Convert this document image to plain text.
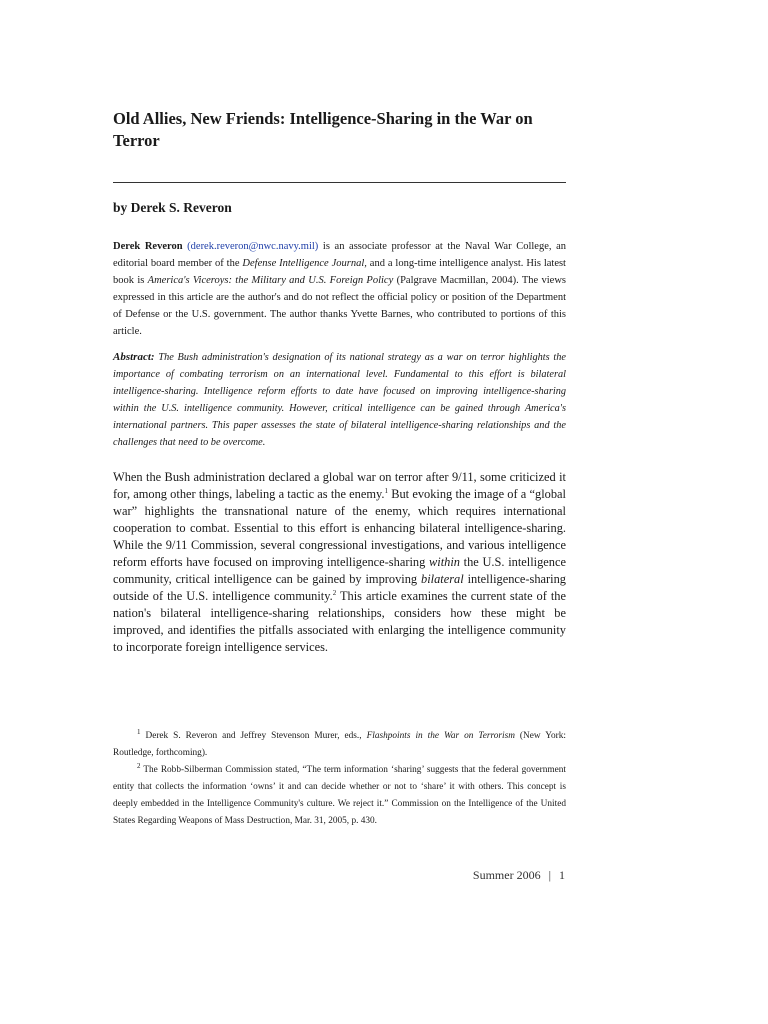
Old Allies, New Friends: Intelligence-Sharing in the War on Terror

by Derek S. Reveron

Derek Reveron (derek.reveron@nwc.navy.mil) is an associate professor at the Naval War College, an editorial board member of the Defense Intelligence Journal, and a long-time intelligence analyst. His latest book is America's Viceroys: the Military and U.S. Foreign Policy (Palgrave Macmillan, 2004). The views expressed in this article are the author's and do not reflect the official policy or position of the Department of Defense or the U.S. government. The author thanks Yvette Barnes, who contributed to portions of this article.

Abstract: The Bush administration's designation of its national strategy as a war on terror highlights the importance of combating terrorism on an international level. Fundamental to this effort is bilateral intelligence-sharing. Intelligence reform efforts to date have focused on improving intelligence-sharing within the U.S. intelligence community. However, critical intelligence can be gained through America's international partners. This paper assesses the state of bilateral intelligence-sharing relationships and the challenges that need to be overcome.

When the Bush administration declared a global war on terror after 9/11, some criticized it for, among other things, labeling a tactic as the enemy.$^1$ But evoking the image of a “global war” highlights the transnational nature of the enemy, which requires international cooperation to combat. Essential to this effort is enhancing bilateral intelligence-sharing. While the 9/11 Commission, several congressional investigations, and various intelligence reform efforts have focused on improving intelligence-sharing within the U.S. intelligence community, critical intelligence can be gained by improving bilateral intelligence-sharing outside of the U.S. intelligence community.$^2$ This article examines the current state of the nation's bilateral intelligence-sharing relationships, considers how these might be improved, and identifies the pitfalls associated with enlarging the intelligence community to incorporate foreign intelligence services.

$^1$ Derek S. Reveron and Jeffrey Stevenson Murer, eds., Flashpoints in the War on Terrorism (New York: Routledge, forthcoming).

$^2$ The Robb-Silberman Commission stated, “The term information ‘sharing’ suggests that the federal government entity that collects the information ‘owns’ it and can decide whether or not to ‘share’ it with others. This concept is deeply embedded in the Intelligence Community's culture. We reject it.” Commission on the Intelligence of the United States Regarding Weapons of Mass Destruction, Mar. 31, 2005, p. 430.

Summer 2006 | 1
